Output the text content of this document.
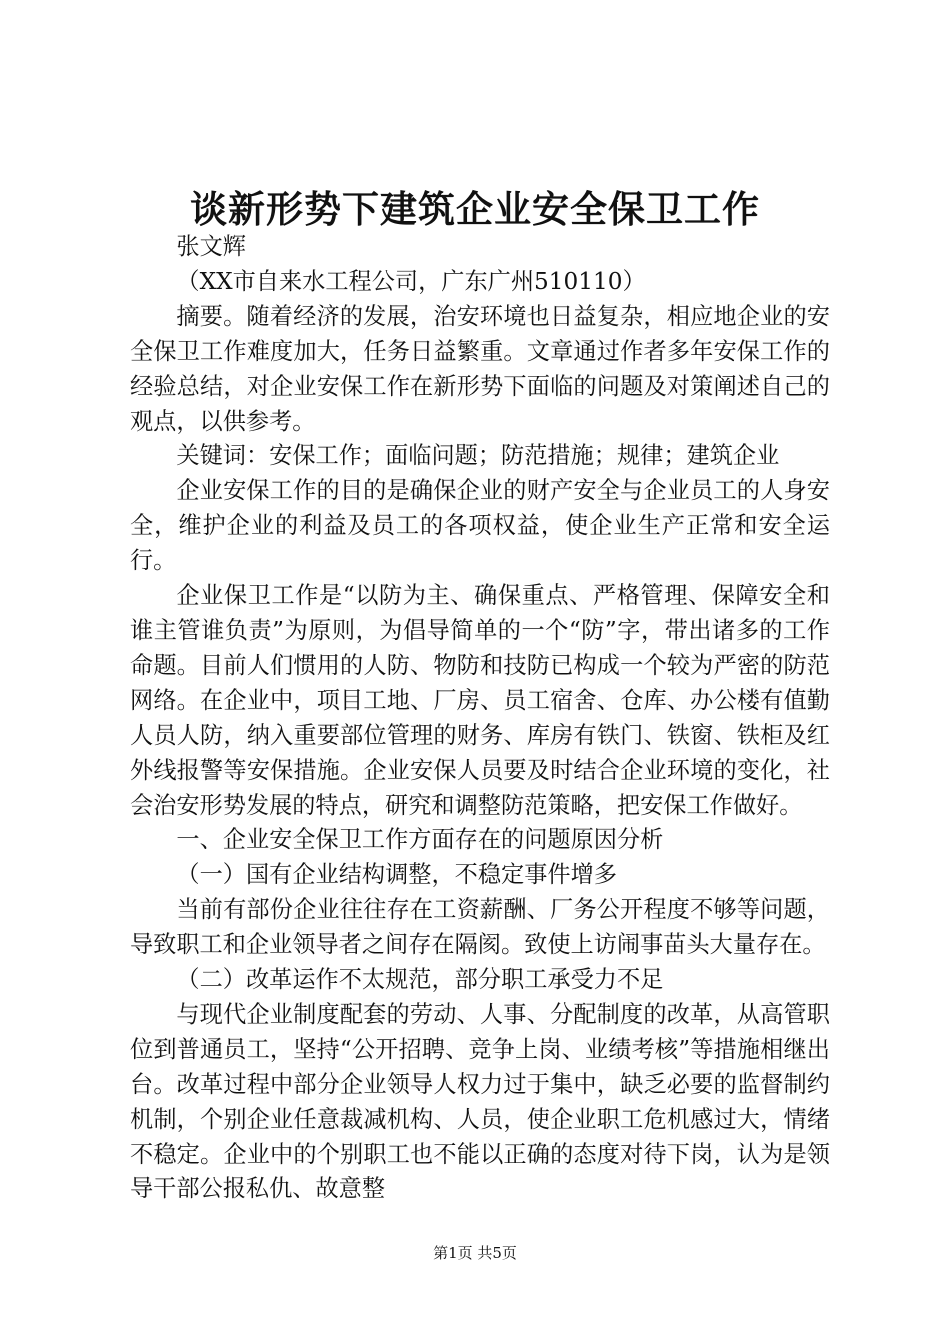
谈新形势下建筑企业安全保卫工作

张文辉

（XX市自来水工程公司，广东广州510110）

摘要。随着经济的发展，治安环境也日益复杂，相应地企业的安全保卫工作难度加大，任务日益繁重。文章通过作者多年安保工作的经验总结，对企业安保工作在新形势下面临的问题及对策阐述自己的观点，以供参考。

关键词：安保工作；面临问题；防范措施；规律；建筑企业

企业安保工作的目的是确保企业的财产安全与企业员工的人身安全，维护企业的利益及员工的各项权益，使企业生产正常和安全运行。

企业保卫工作是“以防为主、确保重点、严格管理、保障安全和谁主管谁负责”为原则，为倡导简单的一个“防”字，带出诸多的工作命题。目前人们惯用的人防、物防和技防已构成一个较为严密的防范网络。在企业中，项目工地、厂房、员工宿舍、仓库、办公楼有值勤人员人防，纳入重要部位管理的财务、库房有铁门、铁窗、铁柜及红外线报警等安保措施。企业安保人员要及时结合企业环境的变化，社会治安形势发展的特点，研究和调整防范策略，把安保工作做好。

一、企业安全保卫工作方面存在的问题原因分析

（一）国有企业结构调整，不稳定事件增多

当前有部份企业往往存在工资薪酬、厂务公开程度不够等问题，导致职工和企业领导者之间存在隔阂。致使上访闹事苗头大量存在。

（二）改革运作不太规范，部分职工承受力不足

与现代企业制度配套的劳动、人事、分配制度的改革，从高管职位到普通员工，坚持“公开招聘、竞争上岗、业绩考核”等措施相继出台。改革过程中部分企业领导人权力过于集中，缺乏必要的监督制约机制，个别企业任意裁减机构、人员，使企业职工危机感过大，情绪不稳定。企业中的个别职工也不能以正确的态度对待下岗，认为是领导干部公报私仇、故意整

第1页 共5页
